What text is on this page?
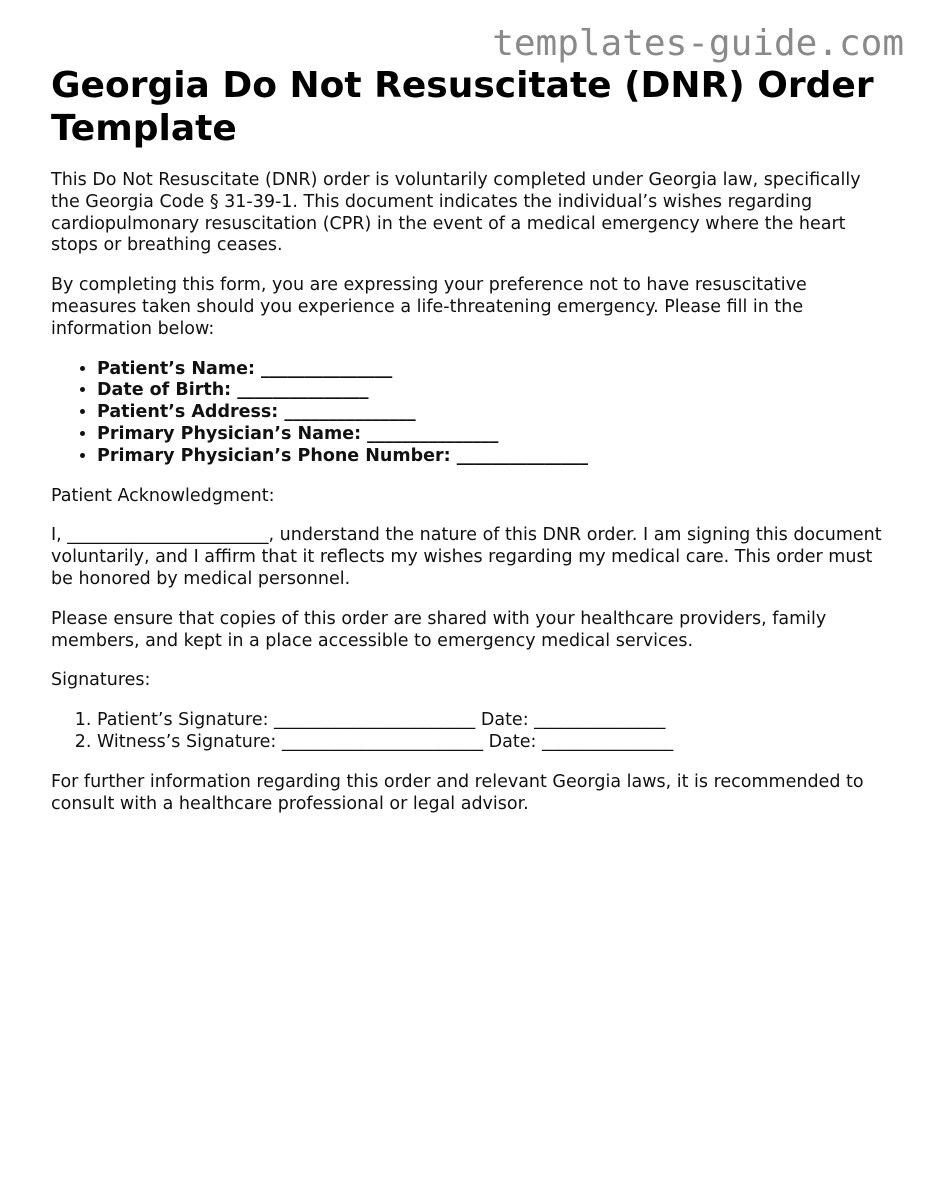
templates-guide.com
Georgia Do Not Resuscitate (DNR) Order Template

This Do Not Resuscitate (DNR) order is voluntarily completed under Georgia law, specifically the Georgia Code § 31-39-1. This document indicates the individual’s wishes regarding cardiopulmonary resuscitation (CPR) in the event of a medical emergency where the heart stops or breathing ceases.

By completing this form, you are expressing your preference not to have resuscitative measures taken should you experience a life-threatening emergency. Please fill in the information below:

• Patient’s Name: _______________
• Date of Birth: _______________
• Patient’s Address: _______________
• Primary Physician’s Name: _______________
• Primary Physician’s Phone Number: _______________

Patient Acknowledgment:

I, _______________________, understand the nature of this DNR order. I am signing this document voluntarily, and I affirm that it reflects my wishes regarding my medical care. This order must be honored by medical personnel.

Please ensure that copies of this order are shared with your healthcare providers, family members, and kept in a place accessible to emergency medical services.

Signatures:

1. Patient’s Signature: _______________________ Date: _______________
2. Witness’s Signature: _______________________ Date: _______________

For further information regarding this order and relevant Georgia laws, it is recommended to consult with a healthcare professional or legal advisor.
